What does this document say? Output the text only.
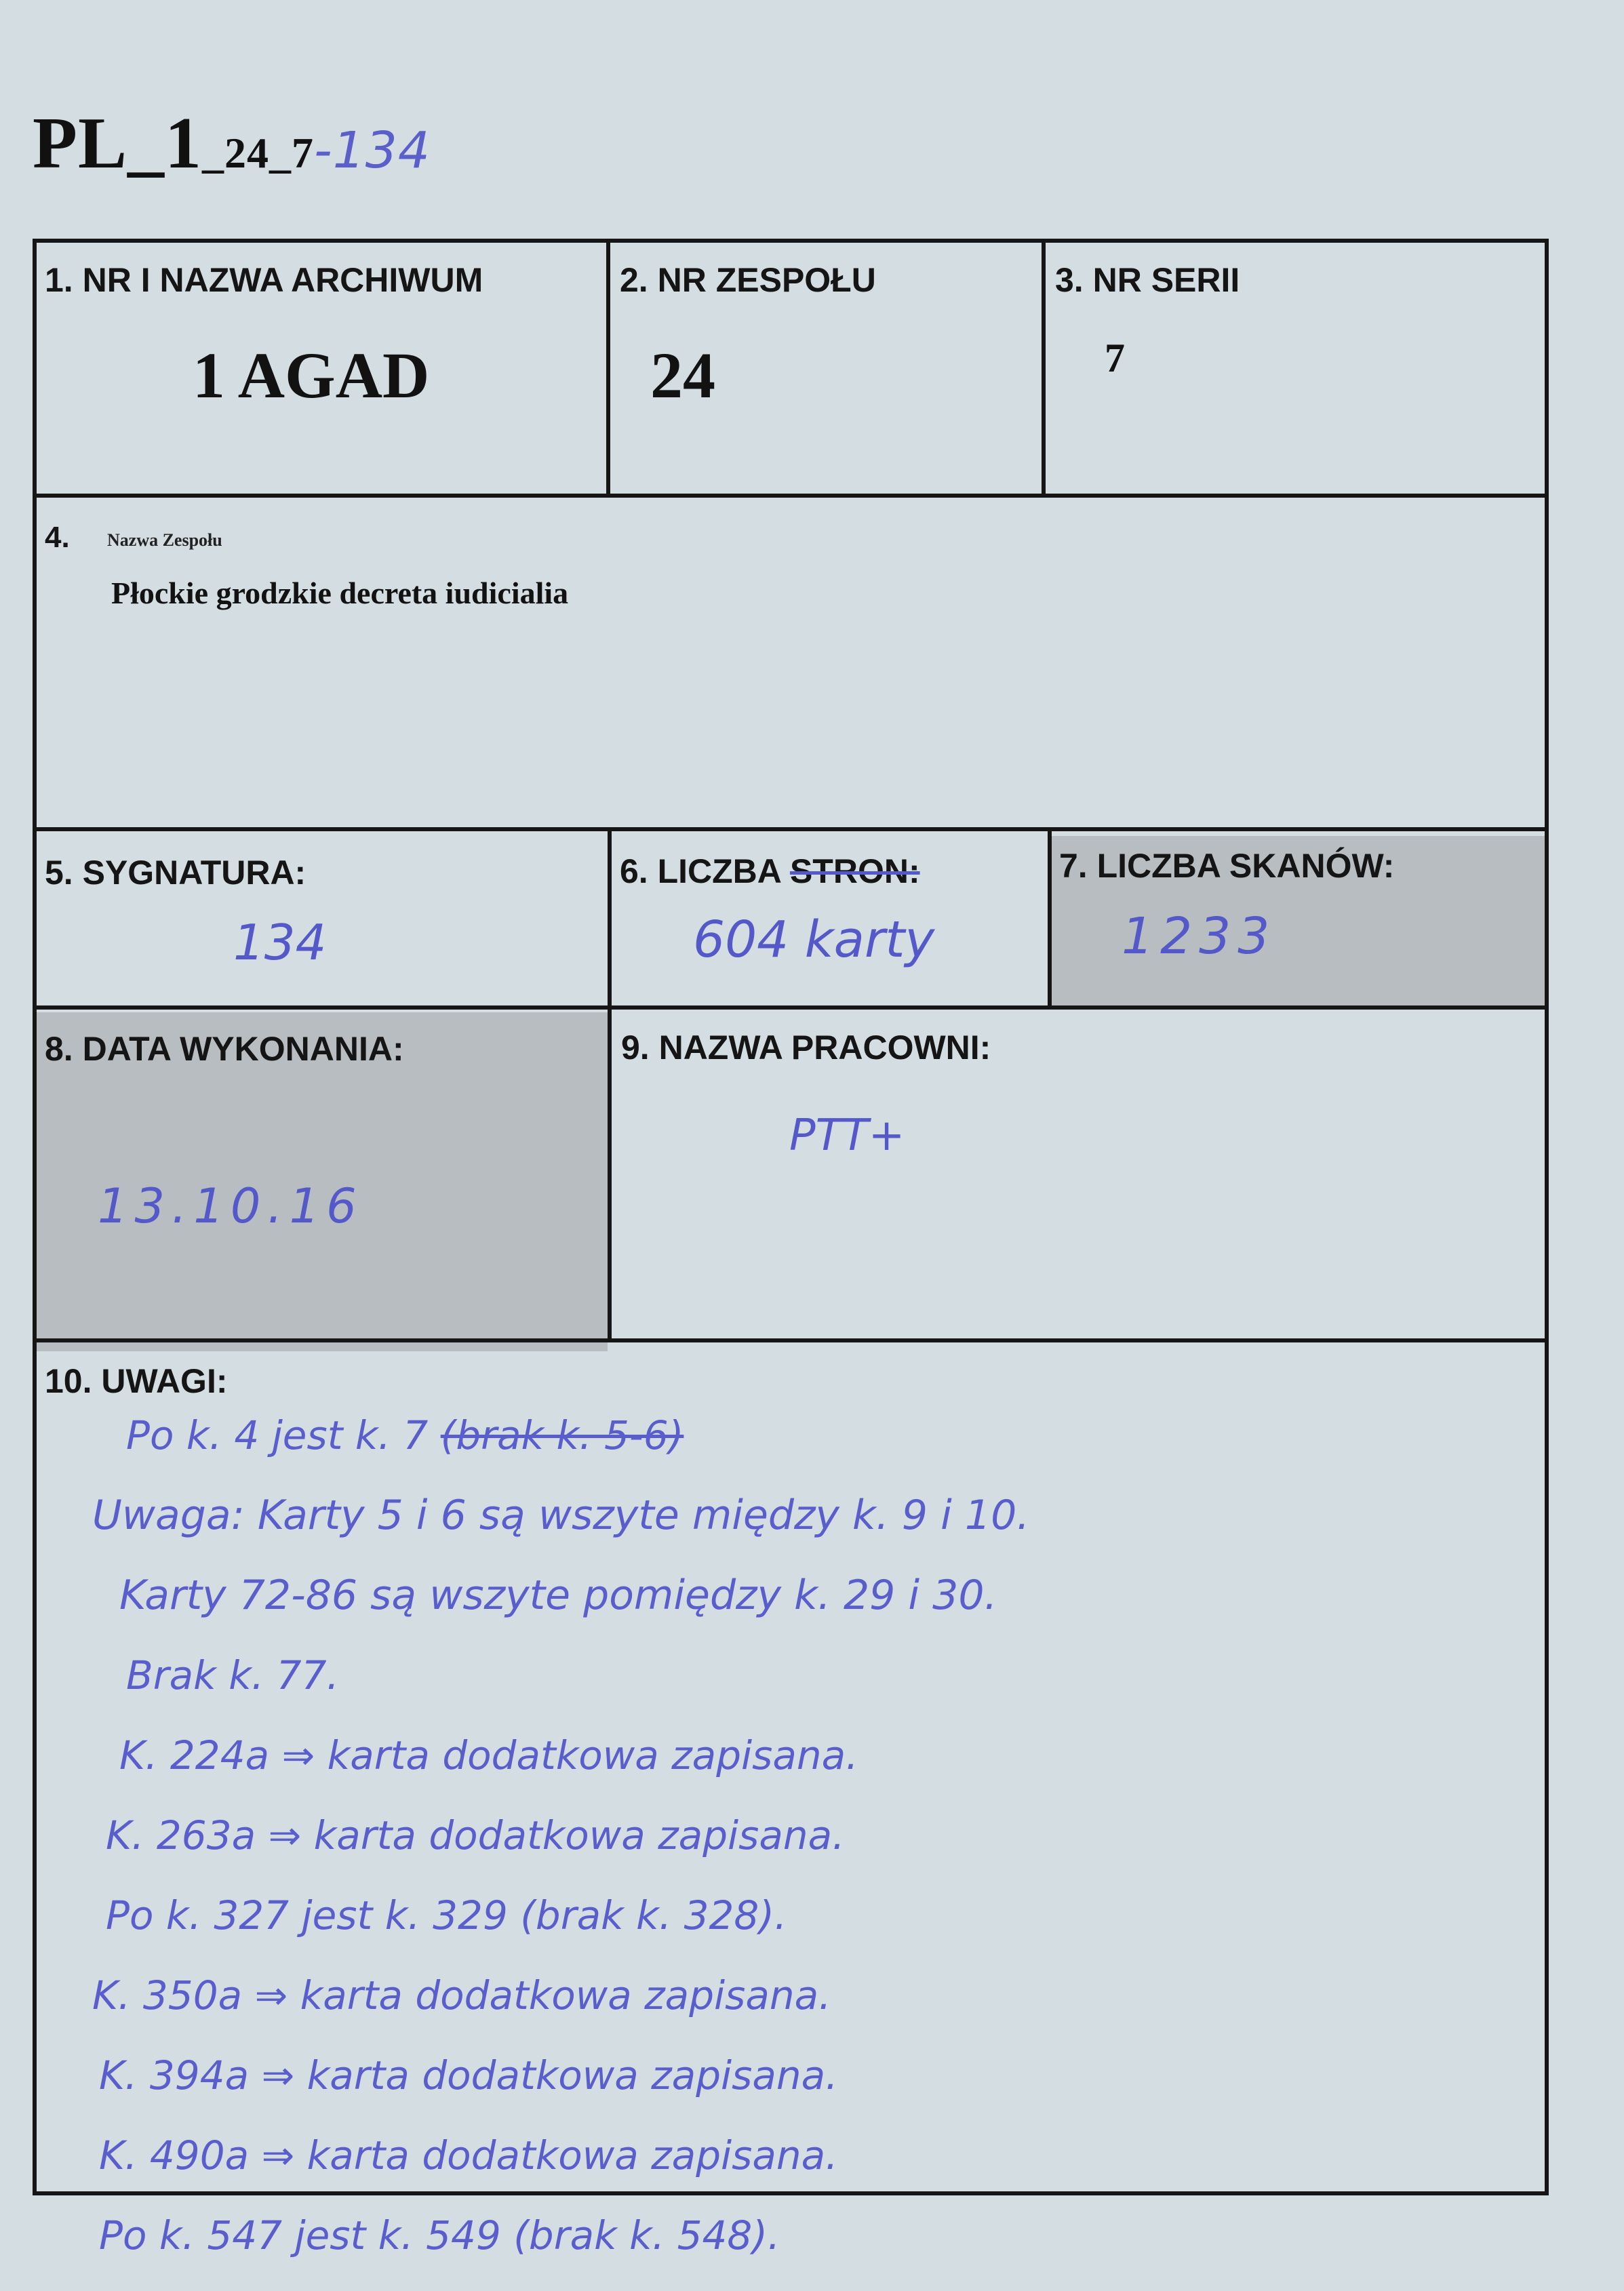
PL_1_24_7-134
1. NR I NAZWA ARCHIWUM
1 AGAD
2. NR ZESPOŁU
24
3. NR SERII
7
4. Nazwa Zespołu
Płockie grodzkie decreta iudicialia
5. SYGNATURA:
134
6. LICZBA STRON:
604 karty
7. LICZBA SKANÓW:
1233
8. DATA WYKONANIA:
13.10.16
9. NAZWA PRACOWNI:
PTT+
10. UWAGI:
Po k. 4 jest k. 7 (brak k. 5-6)
Uwaga: Karty 5 i 6 są wszyte między k. 9 i 10.
Karty 72-86 są wszyte pomiędzy k. 29 i 30.
Brak k. 77.
K. 224a ⇒ karta dodatkowa zapisana.
K. 263a ⇒ karta dodatkowa zapisana.
Po k. 327 jest k. 329 (brak k. 328).
K. 350a ⇒ karta dodatkowa zapisana.
K. 394a ⇒ karta dodatkowa zapisana.
K. 490a ⇒ karta dodatkowa zapisana.
Po k. 547 jest k. 549 (brak k. 548).
